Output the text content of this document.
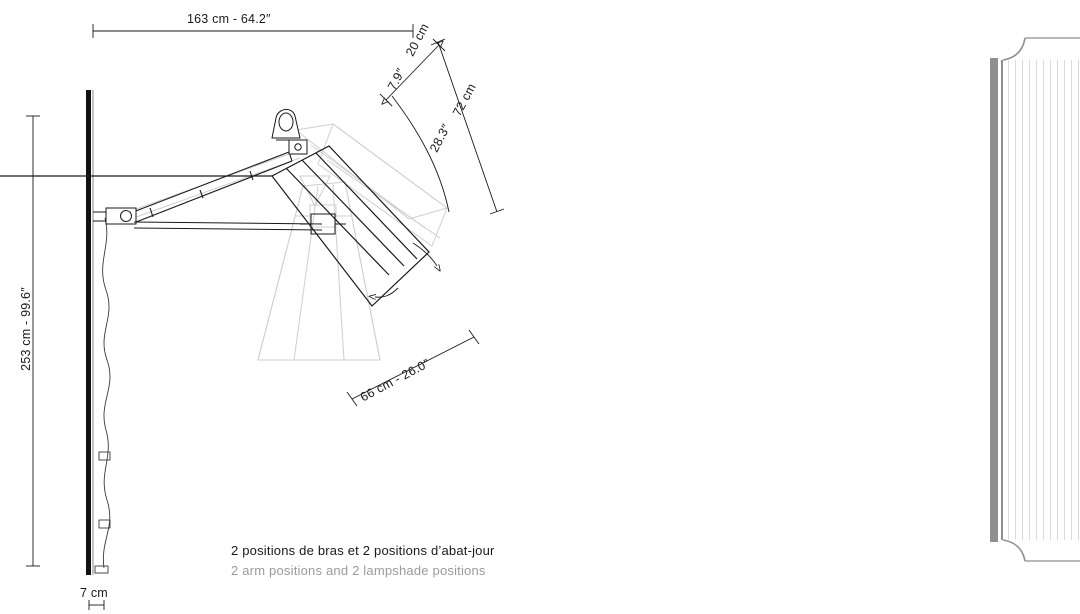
163 cm - 64.2″
253 cm - 99.6″
7 cm
20 cm
7.9″
72 cm
28.3″
66 cm - 26.0″
2 positions de bras et 2 positions d’abat-jour
2 arm positions and 2 lampshade positions
